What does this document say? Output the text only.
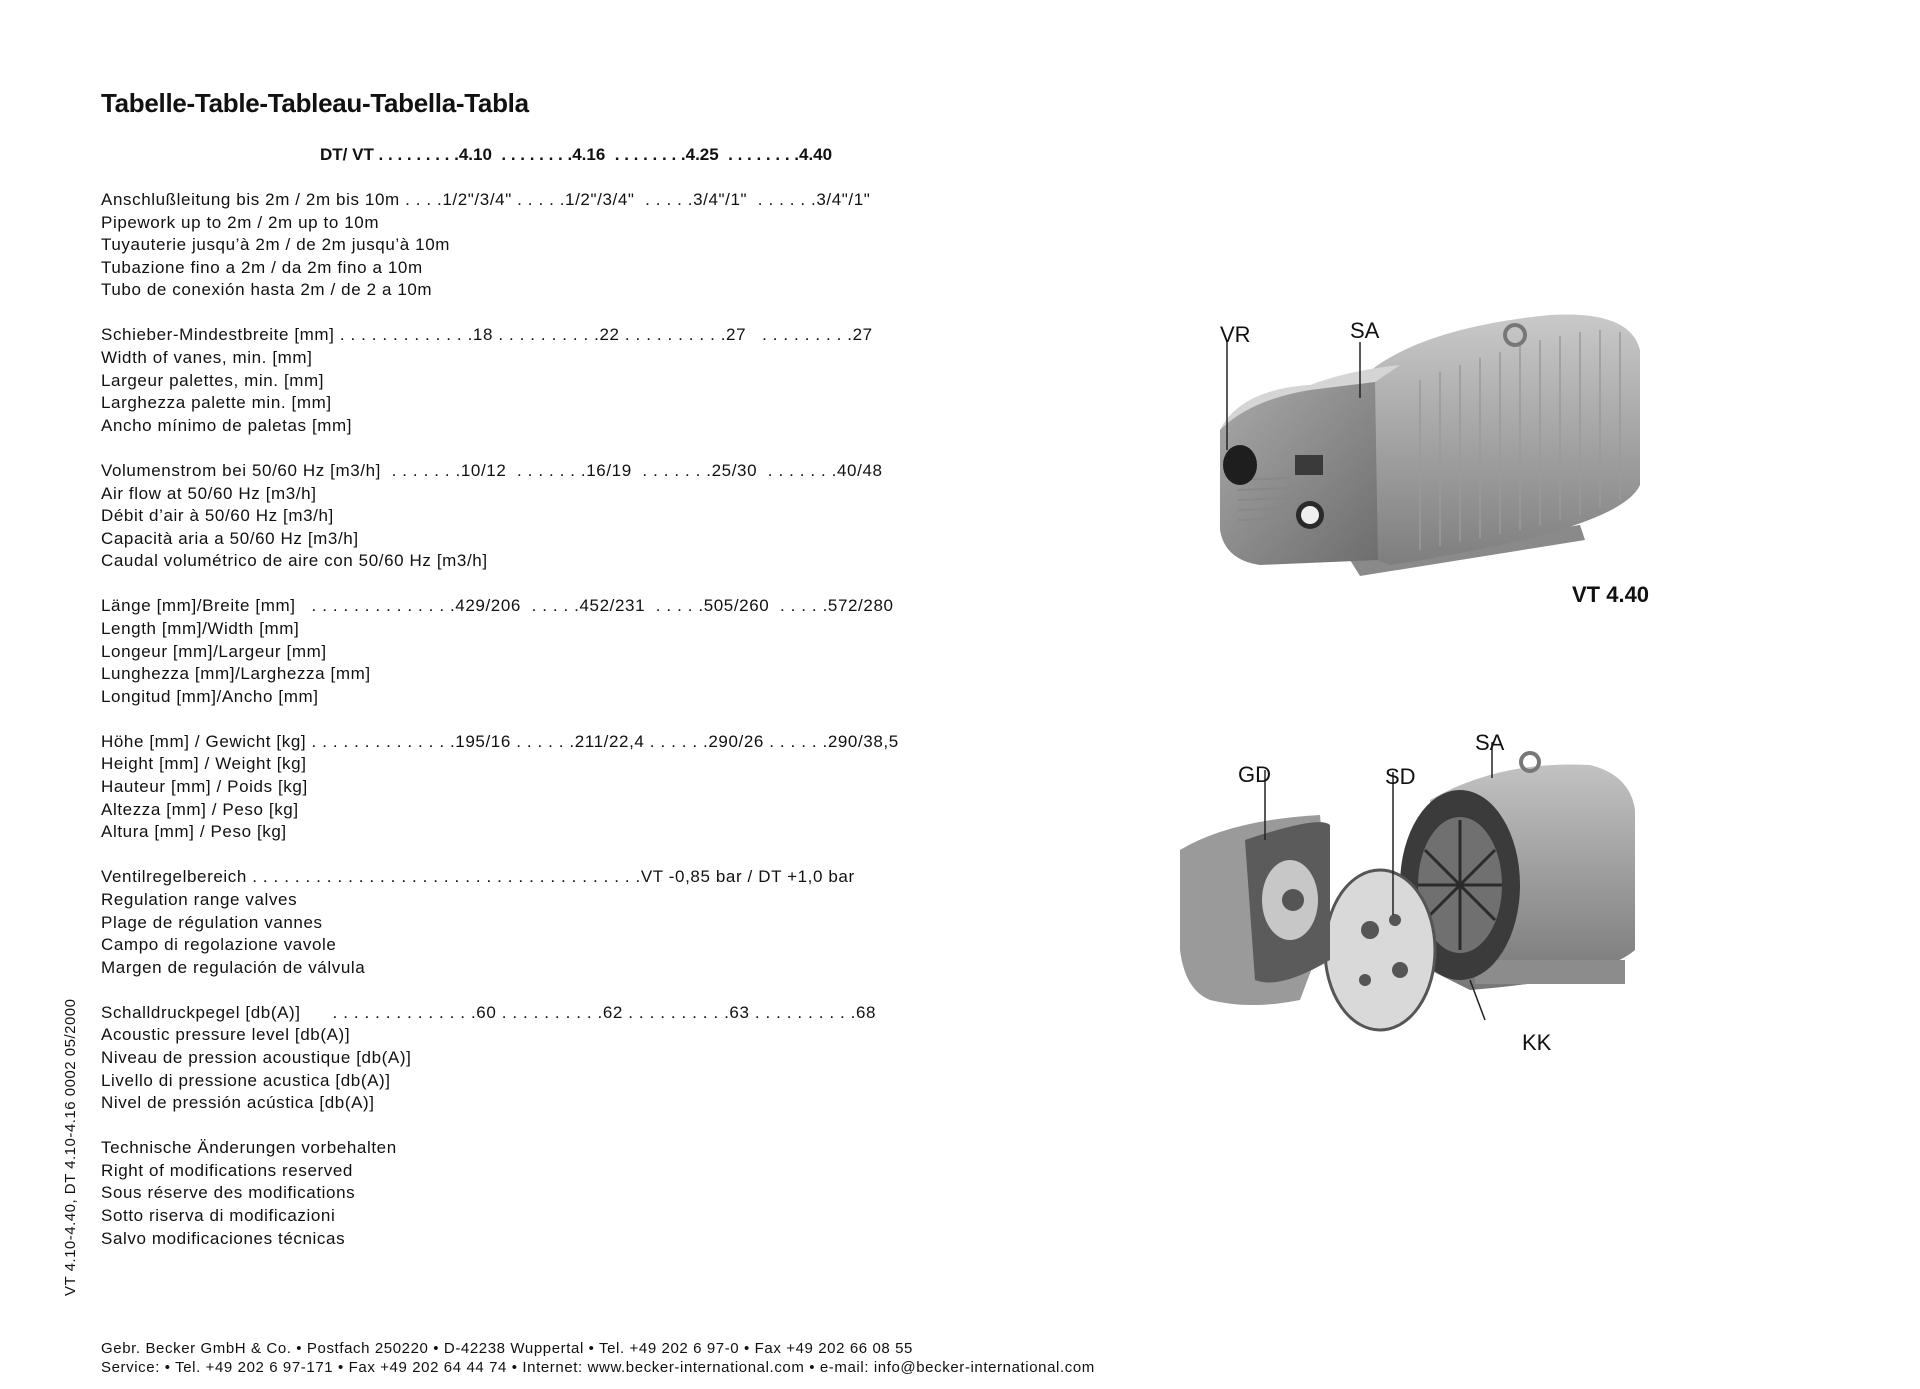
Tabelle-Table-Tableau-Tabella-Tabla
DT/ VT . . . . . . . . .4.10  . . . . . . . .4.16  . . . . . . . .4.25  . . . . . . . .4.40
Anschlußleitung bis 2m / 2m bis 10m . . . .1/2"/3/4" . . . . .1/2"/3/4"  . . . . .3/4"/1"  . . . . . .3/4"/1"
Pipework up to 2m / 2m up to 10m
Tuyauterie jusqu’à 2m / de 2m jusqu’à 10m
Tubazione fino a 2m / da 2m fino a 10m
Tubo de conexión hasta 2m / de 2 a 10m
Schieber-Mindestbreite [mm] . . . . . . . . . . . . .18 . . . . . . . . . .22 . . . . . . . . . .27   . . . . . . . . .27
Width of vanes, min. [mm]
Largeur palettes, min. [mm]
Larghezza palette min. [mm]
Ancho mínimo de paletas [mm]
Volumenstrom bei 50/60 Hz [m3/h]  . . . . . . .10/12  . . . . . . .16/19  . . . . . . .25/30  . . . . . . .40/48
Air flow at 50/60 Hz [m3/h]
Débit d’air à 50/60 Hz [m3/h]
Capacità aria a 50/60 Hz [m3/h]
Caudal volumétrico de aire con 50/60 Hz [m3/h]
Länge [mm]/Breite [mm]   . . . . . . . . . . . . . .429/206  . . . . .452/231  . . . . .505/260  . . . . .572/280
Length [mm]/Width [mm]
Longeur [mm]/Largeur [mm]
Lunghezza [mm]/Larghezza [mm]
Longitud [mm]/Ancho [mm]
Höhe [mm] / Gewicht [kg] . . . . . . . . . . . . . .195/16 . . . . . .211/22,4 . . . . . .290/26 . . . . . .290/38,5
Height [mm] / Weight [kg]
Hauteur [mm] / Poids [kg]
Altezza [mm] / Peso [kg]
Altura [mm] / Peso [kg]
Ventilregelbereich . . . . . . . . . . . . . . . . . . . . . . . . . . . . . . . . . . . . .VT -0,85 bar / DT +1,0 bar
Regulation range valves
Plage de régulation vannes
Campo di regolazione vavole
Margen de regulación de válvula
Schalldruckpegel [db(A)]      . . . . . . . . . . . . . .60 . . . . . . . . . .62 . . . . . . . . . .63 . . . . . . . . . .68
Acoustic pressure level [db(A)]
Niveau de pression acoustique [db(A)]
Livello di pressione acustica [db(A)]
Nivel de pressión acústica [db(A)]
Technische Änderungen vorbehalten
Right of modifications reserved
Sous réserve des modifications
Sotto riserva di modificazioni
Salvo modificaciones técnicas
VT 4.10-4.40, DT 4.10-4.16 0002 05/2000
Gebr. Becker GmbH & Co. • Postfach 250220 • D-42238 Wuppertal • Tel. +49 202 6 97-0 • Fax +49 202 66 08 55
Service: • Tel. +49 202 6 97-171 • Fax +49 202 64 44 74 • Internet: www.becker-international.com • e-mail: info@becker-international.com
VR	SA
VT 4.40
GD	SD
SA
KK
